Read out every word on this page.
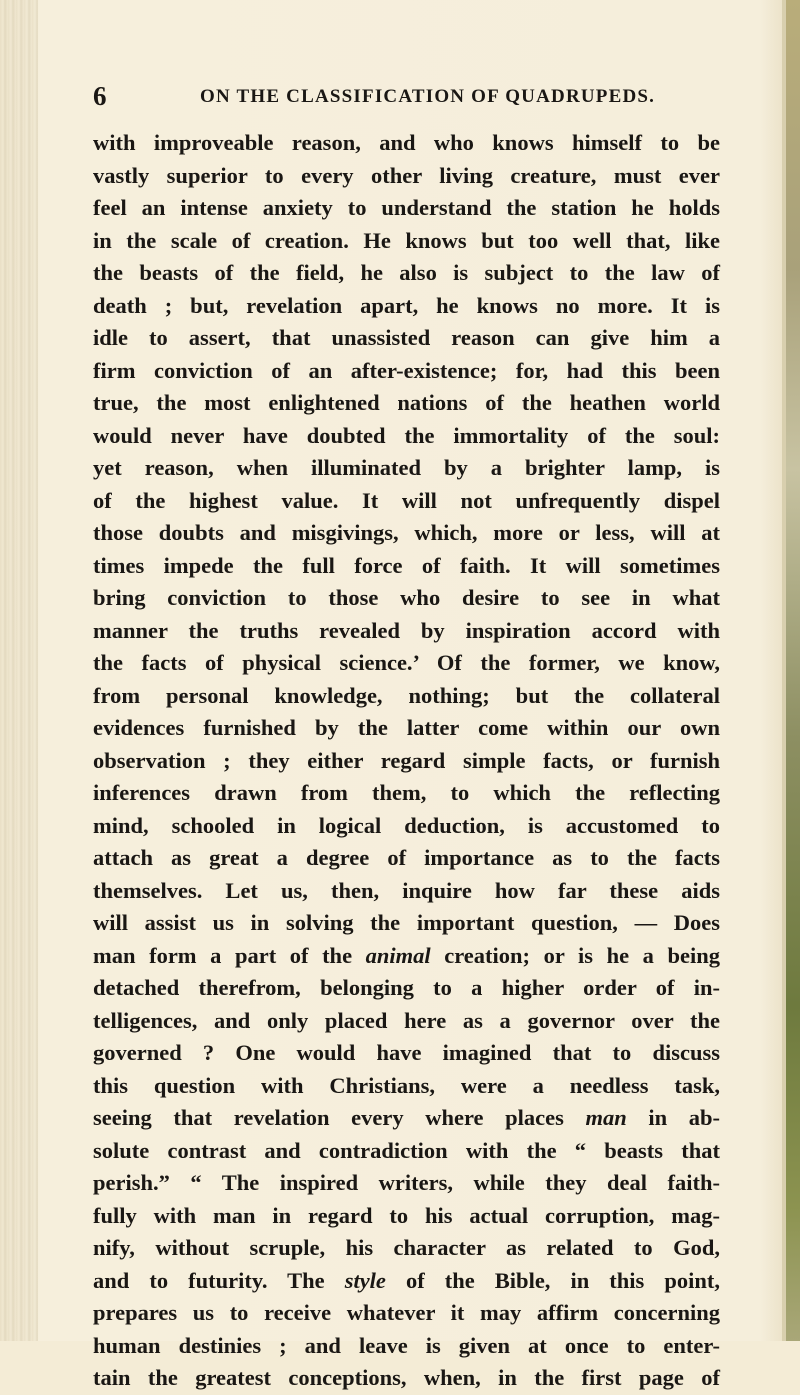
6	ON THE CLASSIFICATION OF QUADRUPEDS.
with improveable reason, and who knows himself to be
vastly superior to every other living creature, must ever
feel an intense anxiety to understand the station he holds
in the scale of creation. He knows but too well that, like
the beasts of the field, he also is subject to the law of
death ; but, revelation apart, he knows no more. It is
idle to assert, that unassisted reason can give him a
firm conviction of an after-existence; for, had this been
true, the most enlightened nations of the heathen world
would never have doubted the immortality of the soul:
yet reason, when illuminated by a brighter lamp, is
of the highest value. It will not unfrequently dispel
those doubts and misgivings, which, more or less, will at
times impede the full force of faith. It will sometimes
bring conviction to those who desire to see in what
manner the truths revealed by inspiration accord with
the facts of physical science.’ Of the former, we know,
from personal knowledge, nothing; but the collateral
evidences furnished by the latter come within our own
observation ; they either regard simple facts, or furnish
inferences drawn from them, to which the reflecting
mind, schooled in logical deduction, is accustomed to
attach as great a degree of importance as to the facts
themselves. Let us, then, inquire how far these aids
will assist us in solving the important question, — Does
man form a part of the animal creation; or is he a being
detached therefrom, belonging to a higher order of in-
telligences, and only placed here as a governor over the
governed ? One would have imagined that to discuss
this question with Christians, were a needless task,
seeing that revelation every where places man in ab-
solute contrast and contradiction with the “ beasts that
perish.” “ The inspired writers, while they deal faith-
fully with man in regard to his actual corruption, mag-
nify, without scruple, his character as related to God,
and to futurity. The style of the Bible, in this point,
prepares us to receive whatever it may affirm concerning
human destinies ; and leave is given at once to enter-
tain the greatest conceptions, when, in the first page of
